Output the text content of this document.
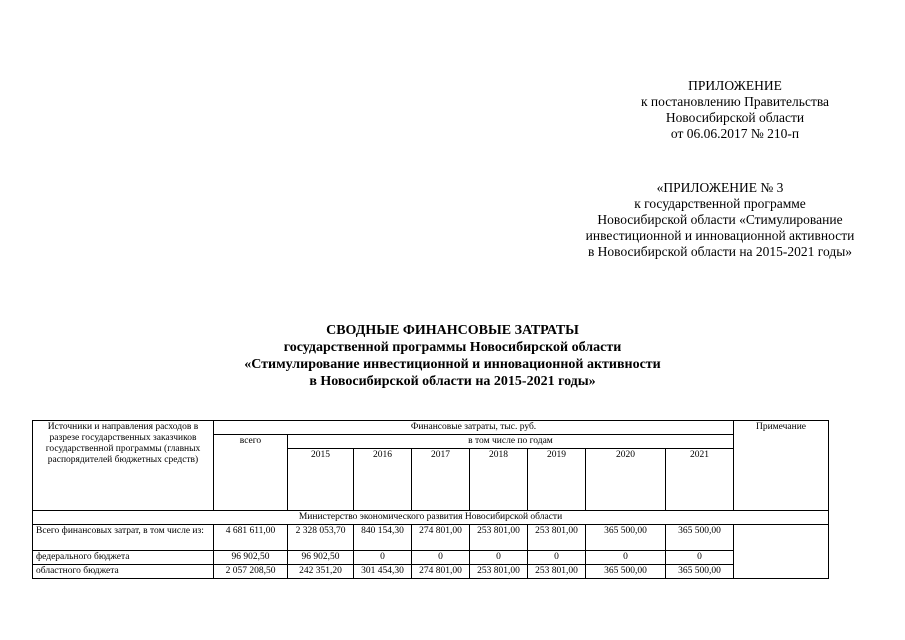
ПРИЛОЖЕНИЕ
к постановлению Правительства
Новосибирской области
от 06.06.2017 № 210-п
«ПРИЛОЖЕНИЕ № 3
к государственной программе
Новосибирской области «Стимулирование
инвестиционной и инновационной активности
в Новосибирской области на 2015-2021 годы»
СВОДНЫЕ ФИНАНСОВЫЕ ЗАТРАТЫ
государственной программы Новосибирской области
«Стимулирование инвестиционной и инновационной активности
в Новосибирской области на 2015-2021 годы»
Источники и направления расходов в разрезе государственных заказчиков государственной программы (главных распорядителей бюджетных средств)	Финансовые затраты, тыс. руб.								Примечание
	всего	в том числе по годам							
		2015	2016	2017	2018	2019	2020	2021	
Министерство экономического развития Новосибирской области									
Всего финансовых затрат, в том числе из:	4 681 611,00	2 328 053,70	840 154,30	274 801,00	253 801,00	253 801,00	365 500,00	365 500,00	
федерального бюджета	96 902,50	96 902,50	0	0	0	0	0	0	
областного бюджета	2 057 208,50	242 351,20	301 454,30	274 801,00	253 801,00	253 801,00	365 500,00	365 500,00	
